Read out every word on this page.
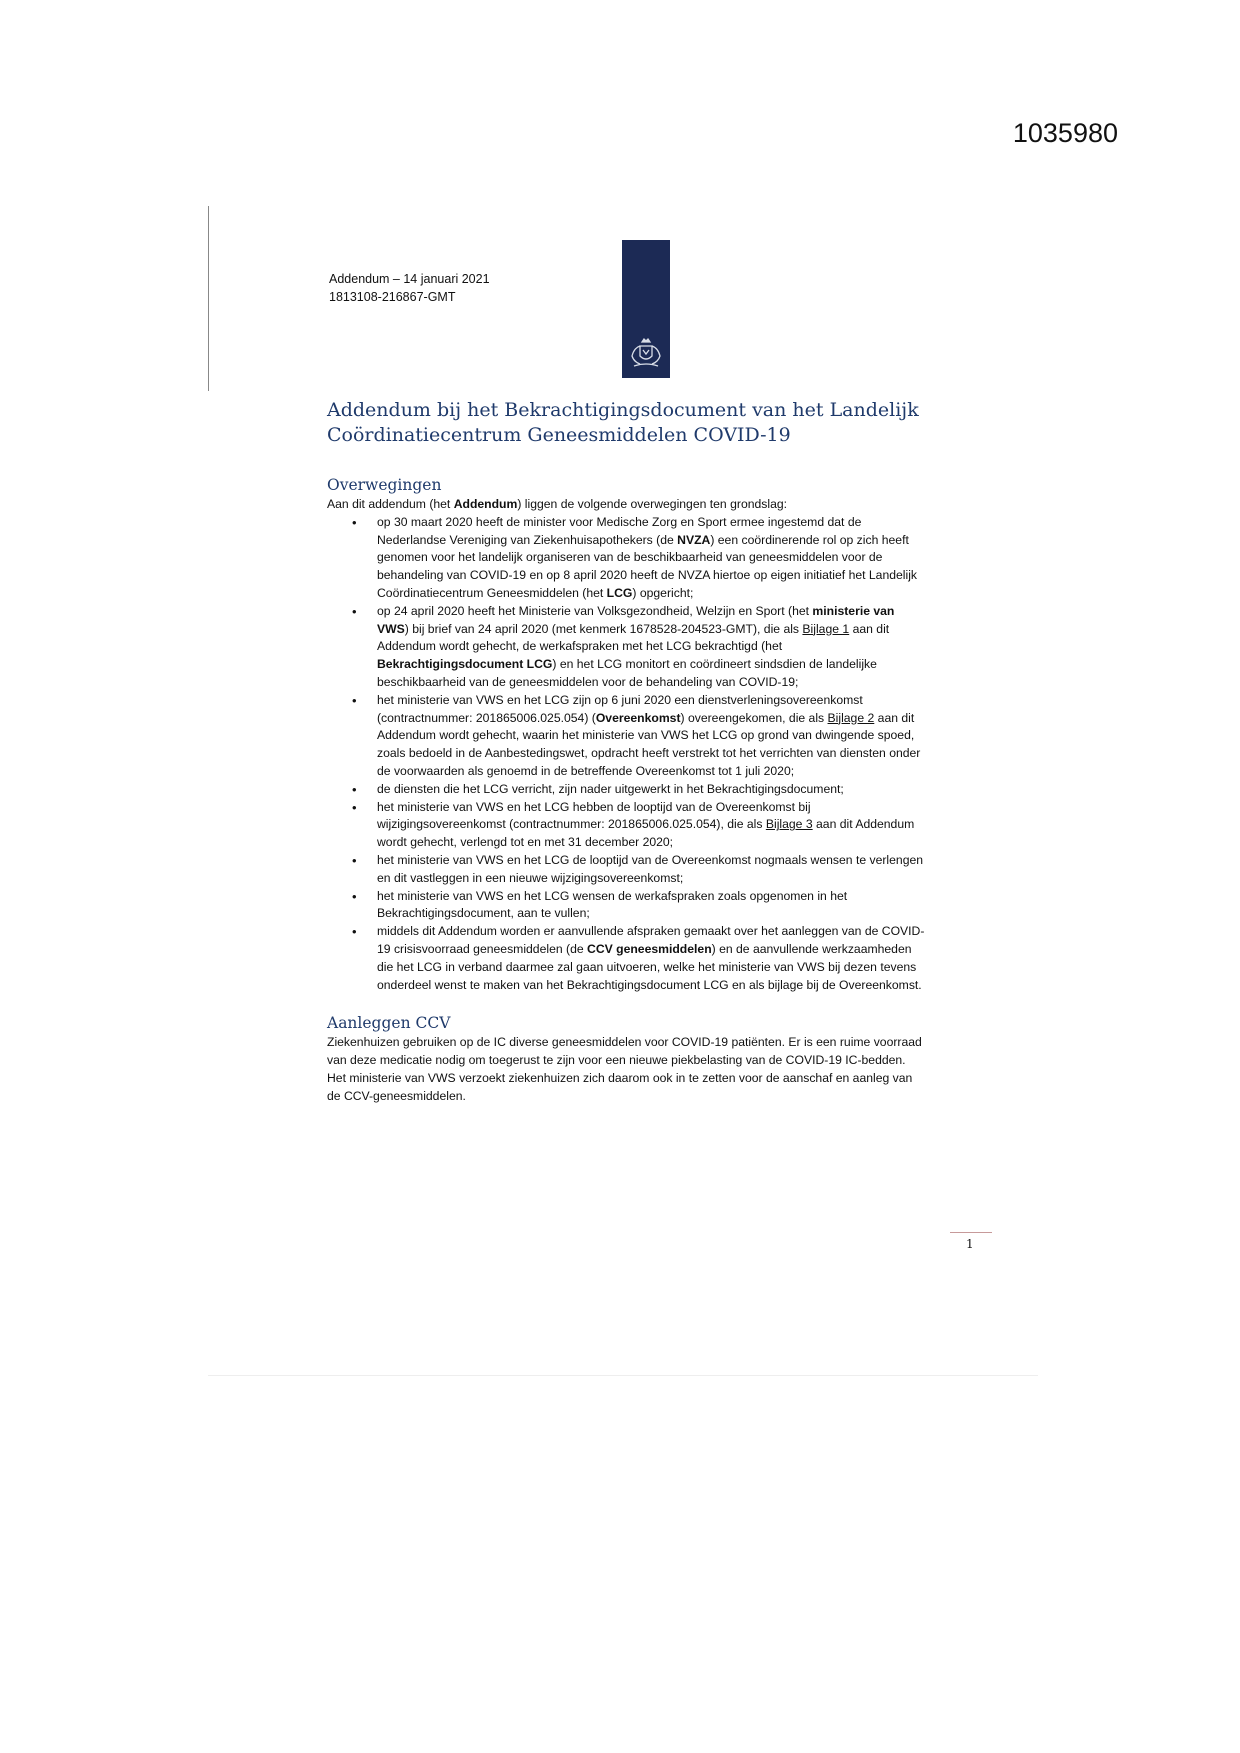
1035980
Addendum – 14 januari 2021
1813108-216867-GMT
Addendum bij het Bekrachtigingsdocument van het Landelijk Coördinatiecentrum Geneesmiddelen COVID-19
Overwegingen

Aan dit addendum (het Addendum) liggen de volgende overwegingen ten grondslag:

• op 30 maart 2020 heeft de minister voor Medische Zorg en Sport ermee ingestemd dat de Nederlandse Vereniging van Ziekenhuisapothekers (de NVZA) een coördinerende rol op zich heeft genomen voor het landelijk organiseren van de beschikbaarheid van geneesmiddelen voor de behandeling van COVID-19 en op 8 april 2020 heeft de NVZA hiertoe op eigen initiatief het Landelijk Coördinatiecentrum Geneesmiddelen (het LCG) opgericht;
• op 24 april 2020 heeft het Ministerie van Volksgezondheid, Welzijn en Sport (het ministerie van VWS) bij brief van 24 april 2020 (met kenmerk 1678528-204523-GMT), die als Bijlage 1 aan dit Addendum wordt gehecht, de werkafspraken met het LCG bekrachtigd (het Bekrachtigingsdocument LCG) en het LCG monitort en coördineert sindsdien de landelijke beschikbaarheid van de geneesmiddelen voor de behandeling van COVID-19;
• het ministerie van VWS en het LCG zijn op 6 juni 2020 een dienstverleningsovereenkomst (contractnummer: 201865006.025.054) (Overeenkomst) overeengekomen, die als Bijlage 2 aan dit Addendum wordt gehecht, waarin het ministerie van VWS het LCG op grond van dwingende spoed, zoals bedoeld in de Aanbestedingswet, opdracht heeft verstrekt tot het verrichten van diensten onder de voorwaarden als genoemd in de betreffende Overeenkomst tot 1 juli 2020;
• de diensten die het LCG verricht, zijn nader uitgewerkt in het Bekrachtigingsdocument;
• het ministerie van VWS en het LCG hebben de looptijd van de Overeenkomst bij wijzigingsovereenkomst (contractnummer: 201865006.025.054), die als Bijlage 3 aan dit Addendum wordt gehecht, verlengd tot en met 31 december 2020;
• het ministerie van VWS en het LCG de looptijd van de Overeenkomst nogmaals wensen te verlengen en dit vastleggen in een nieuwe wijzigingsovereenkomst;
• het ministerie van VWS en het LCG wensen de werkafspraken zoals opgenomen in het Bekrachtigingsdocument, aan te vullen;
• middels dit Addendum worden er aanvullende afspraken gemaakt over het aanleggen van de COVID-19 crisisvoorraad geneesmiddelen (de CCV geneesmiddelen) en de aanvullende werkzaamheden die het LCG in verband daarmee zal gaan uitvoeren, welke het ministerie van VWS bij dezen tevens onderdeel wenst te maken van het Bekrachtigingsdocument LCG en als bijlage bij de Overeenkomst.
Aanleggen CCV

Ziekenhuizen gebruiken op de IC diverse geneesmiddelen voor COVID-19 patiënten. Er is een ruime voorraad van deze medicatie nodig om toegerust te zijn voor een nieuwe piekbelasting van de COVID-19 IC-bedden. Het ministerie van VWS verzoekt ziekenhuizen zich daarom ook in te zetten voor de aanschaf en aanleg van de CCV-geneesmiddelen.

1
